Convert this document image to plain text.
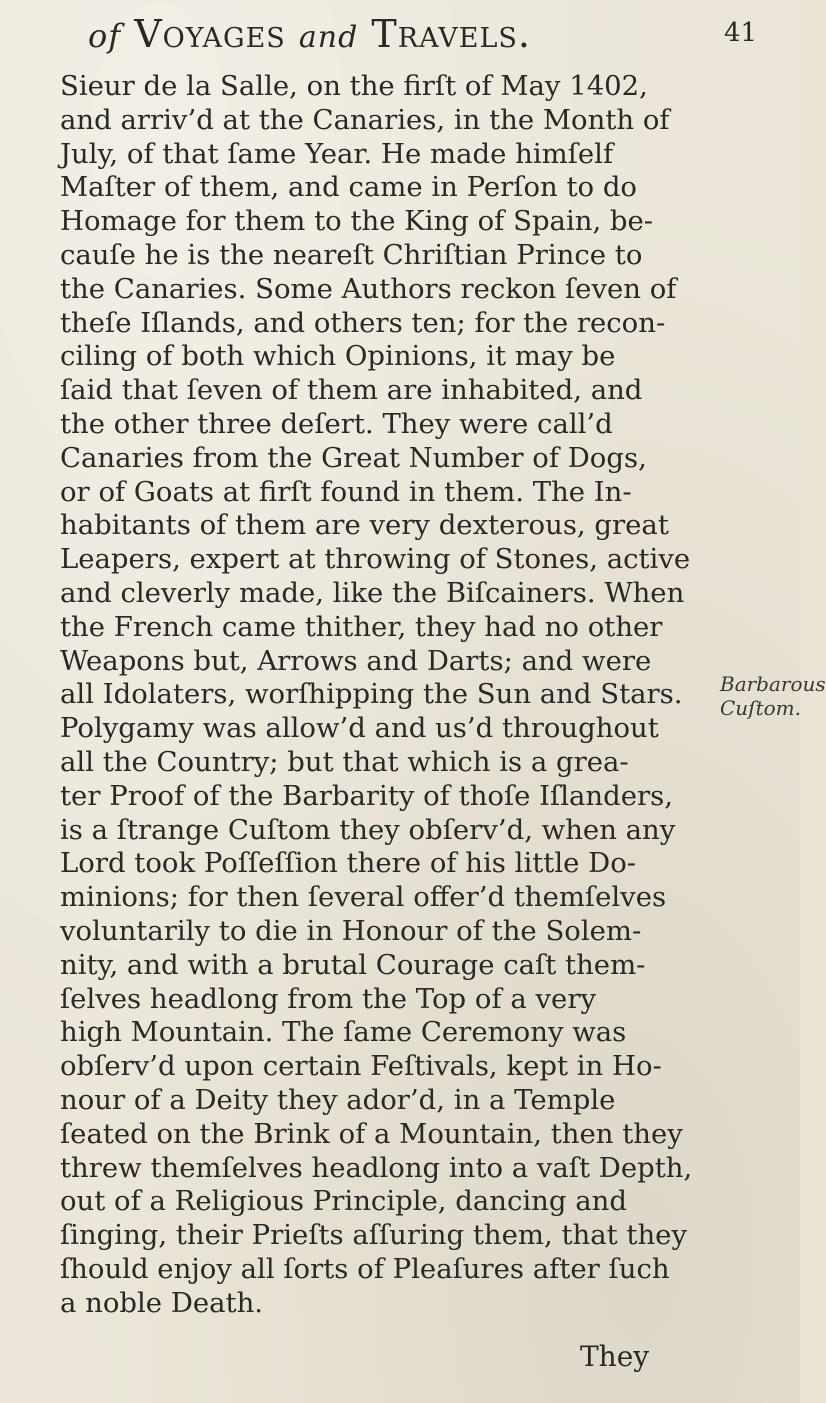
of Voyages and Travels.	41
Sieur de la Salle, on the firſt of May 1402,
and arriv’d at the Canaries, in the Month of
July, of that ſame Year. He made himſelf
Maſter of them, and came in Perſon to do
Homage for them to the King of Spain, be-
cauſe he is the neareſt Chriſtian Prince to
the Canaries. Some Authors reckon ſeven of
theſe Iſlands, and others ten; for the recon-
ciling of both which Opinions, it may be
ſaid that ſeven of them are inhabited, and
the other three deſert. They were call’d
Canaries from the Great Number of Dogs,
or of Goats at firſt found in them. The In-
habitants of them are very dexterous, great
Leapers, expert at throwing of Stones, active
and cleverly made, like the Biſcainers. When
the French came thither, they had no other
Weapons but, Arrows and Darts; and were
all Idolaters, worſhipping the Sun and Stars.
Polygamy was allow’d and us’d throughout
all the Country; but that which is a grea-
ter Proof of the Barbarity of thoſe Iſlanders,
is a ſtrange Cuſtom they obſerv’d, when any
Lord took Poſſeſſion there of his little Do-
minions; for then ſeveral offer’d themſelves
voluntarily to die in Honour of the Solem-
nity, and with a brutal Courage caſt them-
ſelves headlong from the Top of a very
high Mountain. The ſame Ceremony was
obſerv’d upon certain Feſtivals, kept in Ho-
nour of a Deity they ador’d, in a Temple
ſeated on the Brink of a Mountain, then they
threw themſelves headlong into a vaſt Depth,
out of a Religious Principle, dancing and
ſinging, their Prieſts aſſuring them, that they
ſhould enjoy all ſorts of Pleaſures after ſuch
a noble Death.
Barbarous
Cuſtom.
They
